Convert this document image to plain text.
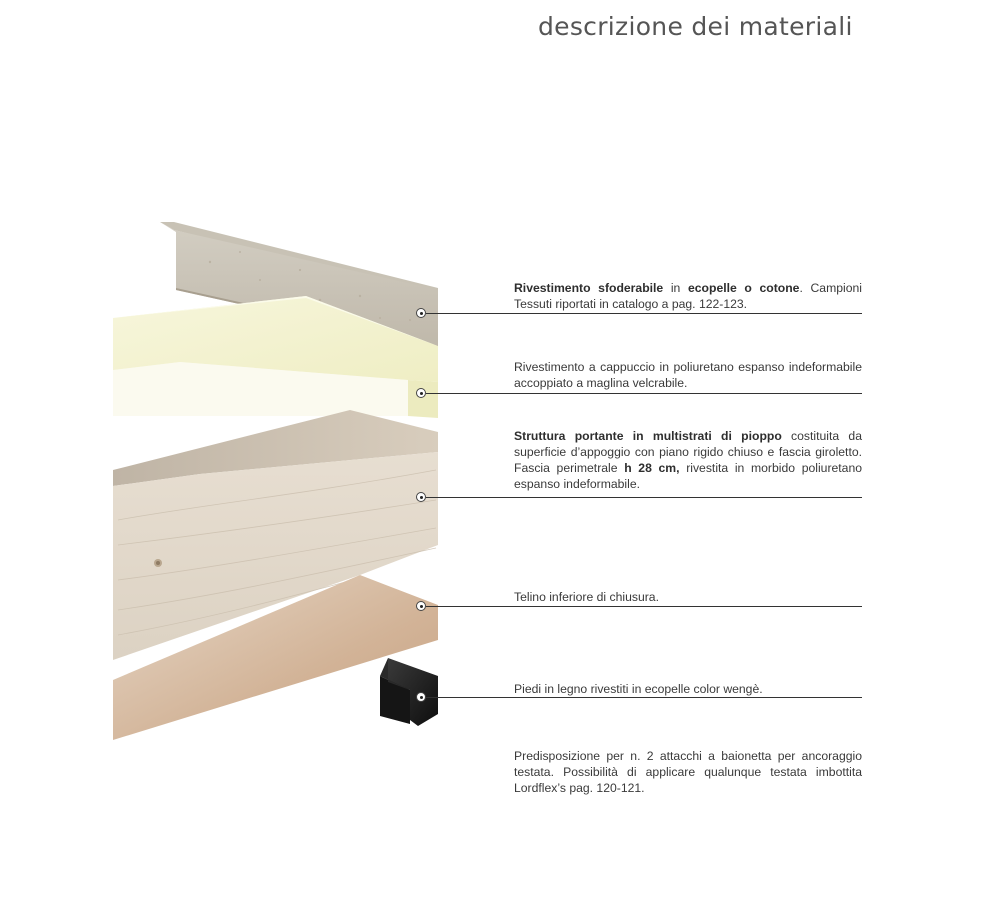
descrizione dei materiali

Rivestimento sfoderabile in ecopelle o cotone. Campioni Tessuti riportati in catalogo a pag. 122-123.

Rivestimento a cappuccio in poliuretano espanso indeformabile accoppiato a maglina velcrabile.

Struttura portante in multistrati di pioppo costituita da superficie d’appoggio con piano rigido chiuso e fascia giroletto. Fascia perimetrale h 28 cm, rivestita in morbido poliuretano espanso indeformabile.

Telino inferiore di chiusura.

Piedi in legno rivestiti in ecopelle color wengè.

Predisposizione per n. 2 attacchi a baionetta per ancoraggio testata. Possibilità di applicare qualunque testata imbottita Lordflex’s pag. 120-121.
